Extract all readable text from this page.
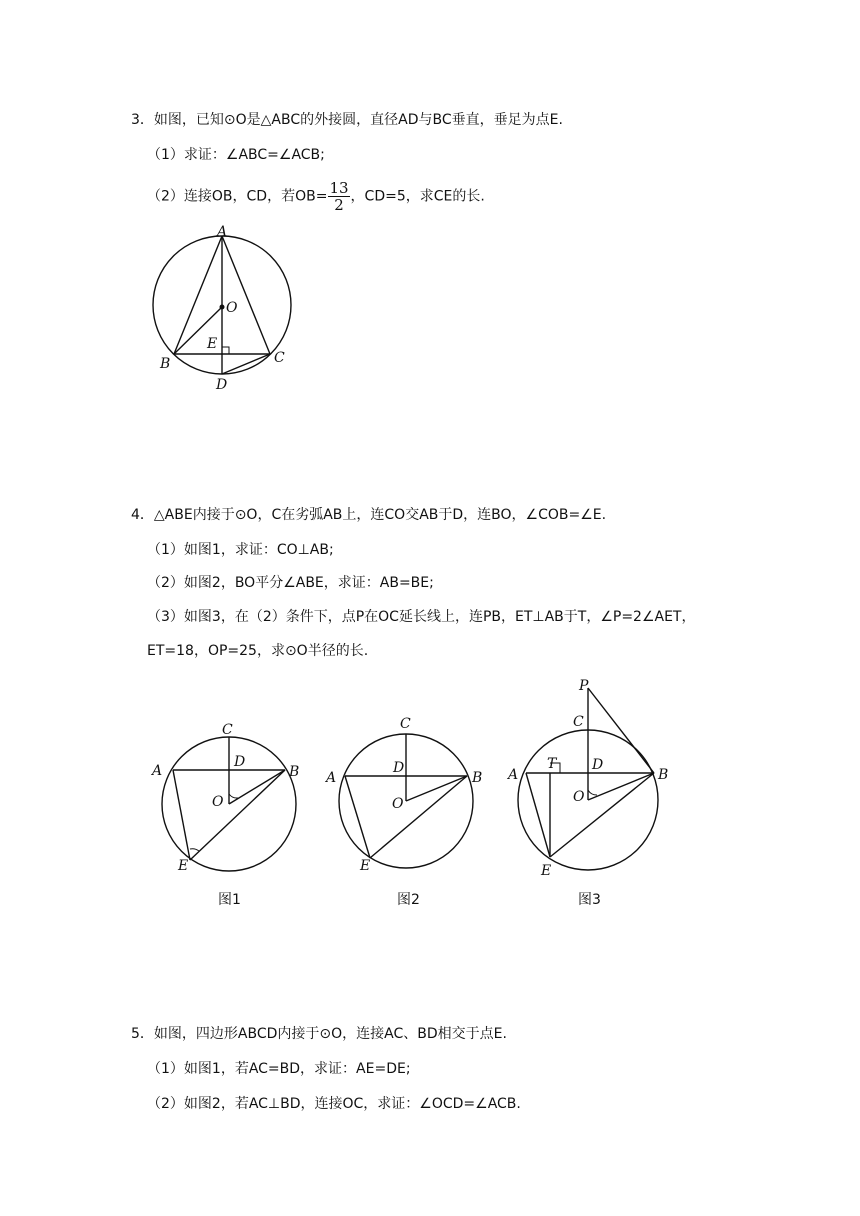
3．如图，已知⊙O是△ABC的外接圆，直径AD与BC垂直，垂足为点E.
（1）求证：∠ABC=∠ACB;
（2）连接OB，CD，若$OB= \frac{13}{2}$ ，CD=5，求CE的长.
A
O
E
B	C
D
4．△ABE内接于⊙O，C在劣弧AB上，连CO交AB于D，连BO，∠COB=∠E.
（1）如图1，求证：CO⊥AB;
（2）如图2，BO平分∠ABE，求证：AB=BE;
（3）如图3，在（2）条件下，点P在OC延长线上，连PB，ET⊥AB于T，∠P=2∠AET，
ET=18，OP=25，求⊙O半径的长.
C
A
D
B
O
E
图1
C
A
D
B
O
E
图2
P
C
A
T	D
B
O
E
图3
5．如图，四边形ABCD内接于⊙O，连接AC、BD相交于点E.
（1）如图1，若AC=BD，求证：AE=DE;
（2）如图2，若AC⊥BD，连接OC，求证：∠OCD=∠ACB.
